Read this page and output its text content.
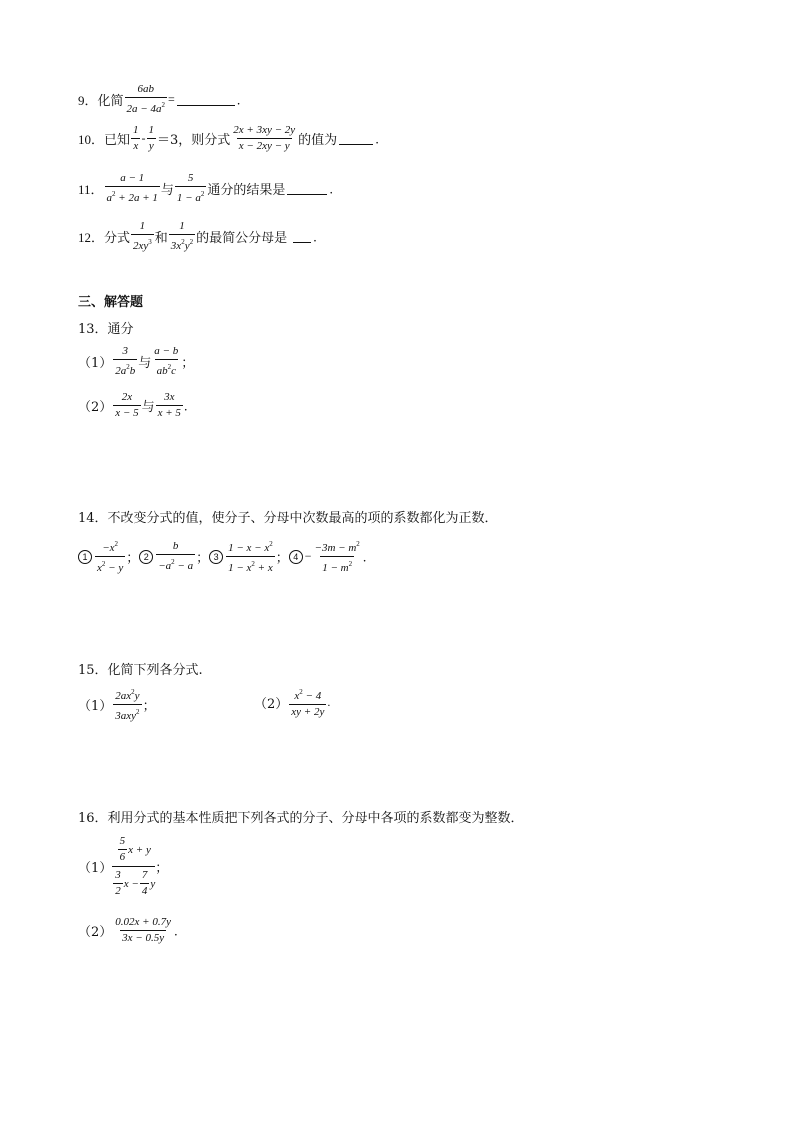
9．化简 $\frac{6ab}{2a - 4a^2}$ =	．
10．已知 $\frac{1}{x} - \frac{1}{y} =3$，则分式 $\frac{2x + 3xy - 2y}{x - 2xy - y}$ 的值为	．
11． $\frac{a - 1}{a^2 + 2a + 1}$ 与 $\frac{5}{1 - a^2}$ 通分的结果是	．
12．分式 $\frac{1}{2xy^3}$ 和 $\frac{1}{3x^2y^2}$ 的最简公分母是 ．
三、解答题
13．通分
$(1) \frac{3}{2a^2b}$ 与 $\frac{a - b}{ab^2c}$ ；
$(2) \frac{2x}{x - 5}$ 与 $\frac{3x}{x + 5}$ ．
14．不改变分式的值，使分子、分母中次数最高的项的系数都化为正数．
$1 \frac{-x^2}{x^2 - y}$ ； $2 \frac{b}{-a^2 - a}$ ； $3 \frac{1 - x - x^2}{1 - x^2 + x}$ ； $4 - \frac{-3m - m^2}{1 - m^2}$ ．
15．化简下列各分式.
$(1) \frac{2ax^2y}{3axy^2}$ ；	$(2) \frac{x^2 - 4}{xy + 2y}$ .
16．利用分式的基本性质把下列各式的分子、分母中各项的系数都变为整数．
（1）
$\frac{5}{6}$ x + y
$\frac{3}{2}$ $x - \frac{7}{4}$ y
；
$(2) \frac{0.02x + 0.7y}{3x - 0.5y}$ ．
